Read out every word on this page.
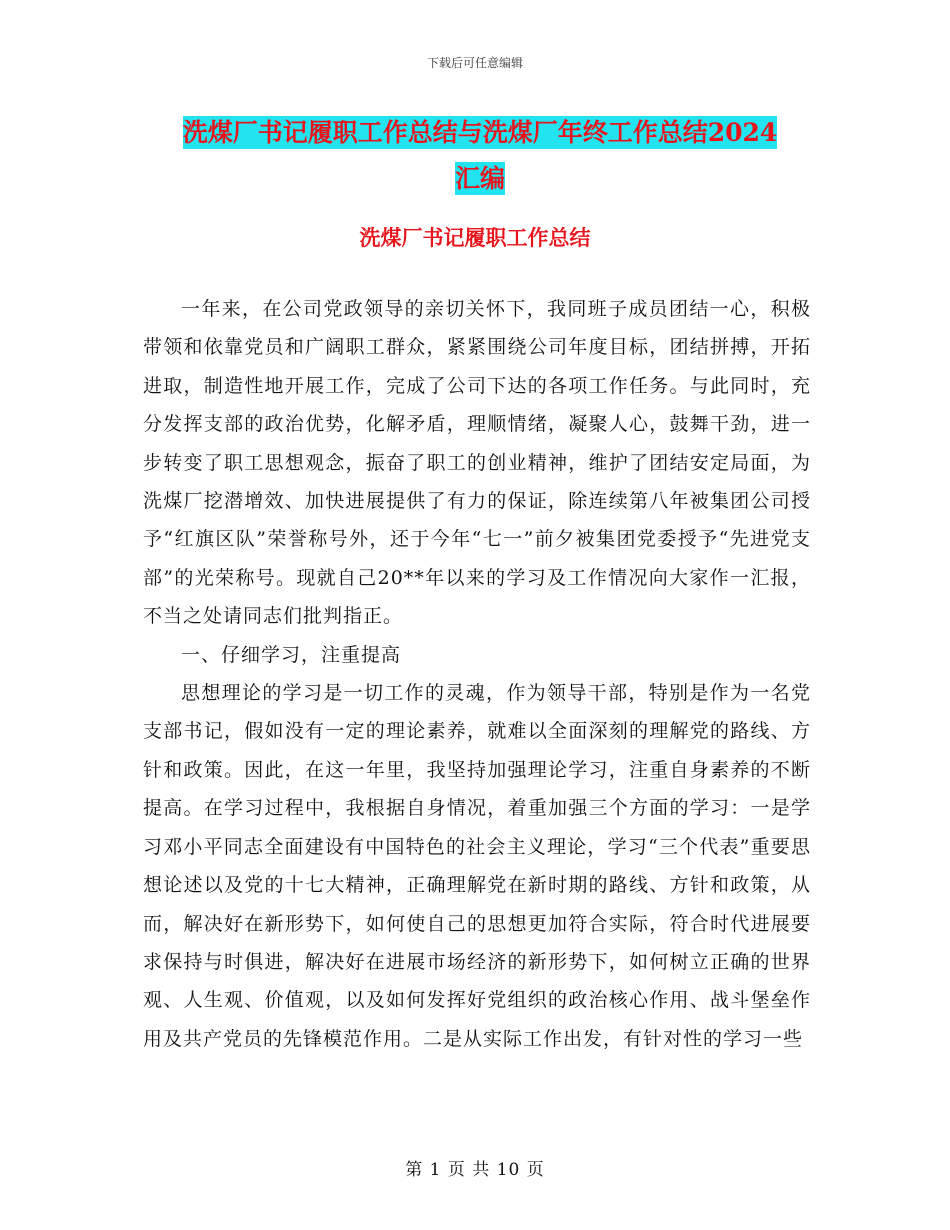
下载后可任意编辑
洗煤厂书记履职工作总结与洗煤厂年终工作总结2024
汇编
洗煤厂书记履职工作总结

一年来，在公司党政领导的亲切关怀下，我同班子成员团结一心，积极带领和依靠党员和广阔职工群众，紧紧围绕公司年度目标，团结拼搏，开拓进取，制造性地开展工作，完成了公司下达的各项工作任务。与此同时，充分发挥支部的政治优势，化解矛盾，理顺情绪，凝聚人心，鼓舞干劲，进一步转变了职工思想观念，振奋了职工的创业精神，维护了团结安定局面，为洗煤厂挖潜增效、加快进展提供了有力的保证，除连续第八年被集团公司授予“红旗区队”荣誉称号外，还于今年“七一”前夕被集团党委授予“先进党支部”的光荣称号。现就自己20**年以来的学习及工作情况向大家作一汇报，不当之处请同志们批判指正。

一、仔细学习，注重提高

思想理论的学习是一切工作的灵魂，作为领导干部，特别是作为一名党支部书记，假如没有一定的理论素养，就难以全面深刻的理解党的路线、方针和政策。因此，在这一年里，我坚持加强理论学习，注重自身素养的不断提高。在学习过程中，我根据自身情况，着重加强三个方面的学习：一是学习邓小平同志全面建设有中国特色的社会主义理论，学习“三个代表”重要思想论述以及党的十七大精神，正确理解党在新时期的路线、方针和政策，从而，解决好在新形势下，如何使自己的思想更加符合实际，符合时代进展要求保持与时俱进，解决好在进展市场经济的新形势下，如何树立正确的世界观、人生观、价值观，以及如何发挥好党组织的政治核心作用、战斗堡垒作用及共产党员的先锋模范作用。二是从实际工作出发，有针对性的学习一些

第 1 页 共 10 页
